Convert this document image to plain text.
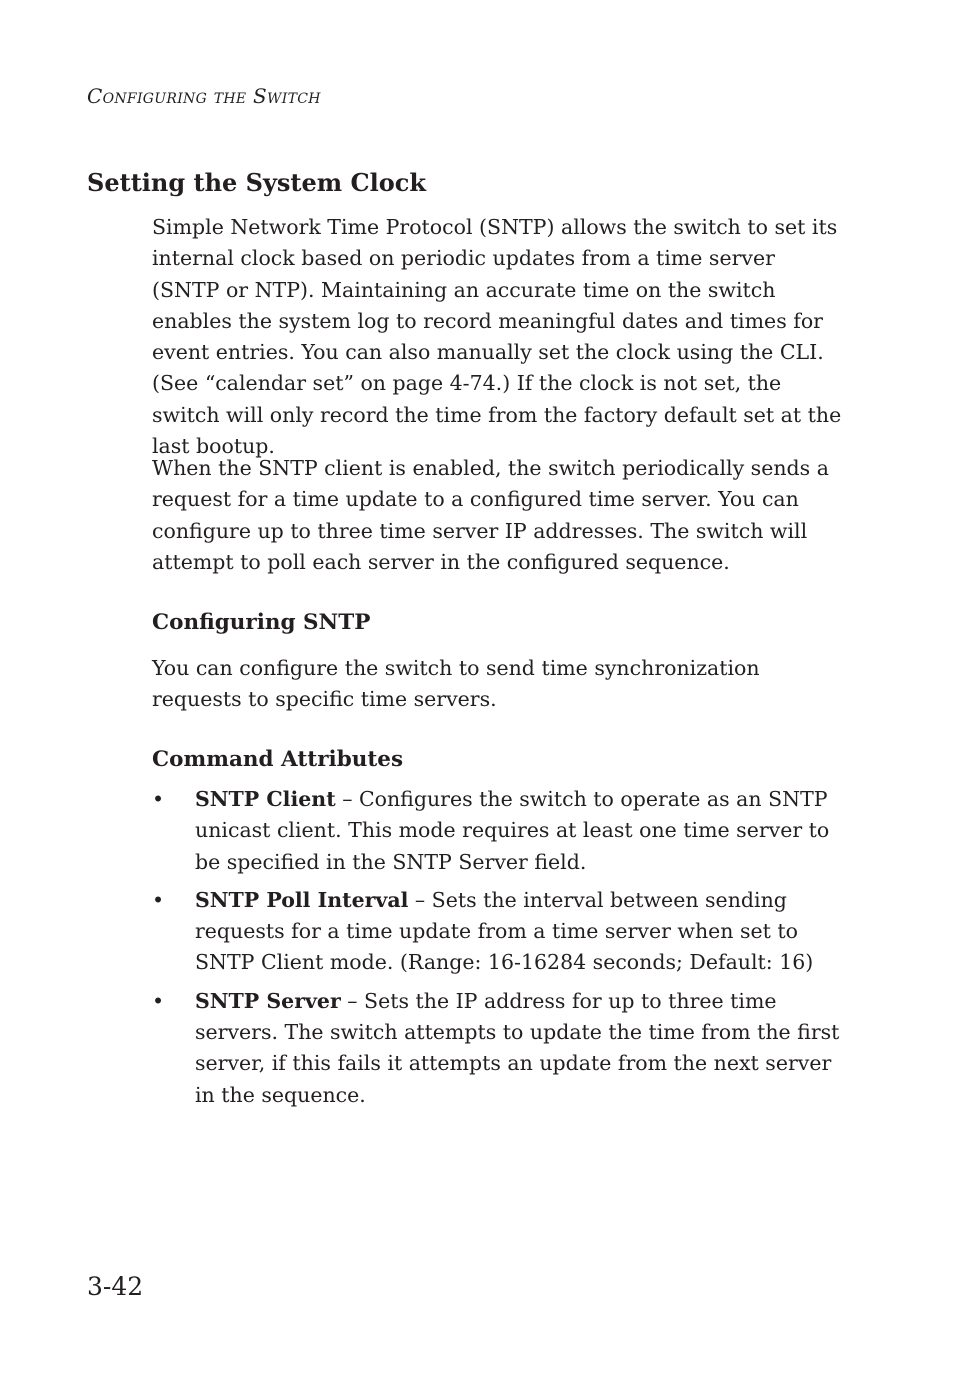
Configuring the Switch
Setting the System Clock

Simple Network Time Protocol (SNTP) allows the switch to set its internal clock based on periodic updates from a time server (SNTP or NTP). Maintaining an accurate time on the switch enables the system log to record meaningful dates and times for event entries. You can also manually set the clock using the CLI. (See “calendar set” on page 4-74.) If the clock is not set, the switch will only record the time from the factory default set at the last bootup.

When the SNTP client is enabled, the switch periodically sends a request for a time update to a configured time server. You can configure up to three time server IP addresses. The switch will attempt to poll each server in the configured sequence.

Configuring SNTP

You can configure the switch to send time synchronization requests to specific time servers.

Command Attributes
• SNTP Client – Configures the switch to operate as an SNTP unicast client. This mode requires at least one time server to be specified in the SNTP Server field.
• SNTP Poll Interval – Sets the interval between sending requests for a time update from a time server when set to SNTP Client mode. (Range: 16-16284 seconds; Default: 16)
• SNTP Server – Sets the IP address for up to three time servers. The switch attempts to update the time from the first server, if this fails it attempts an update from the next server in the sequence.
3-42
